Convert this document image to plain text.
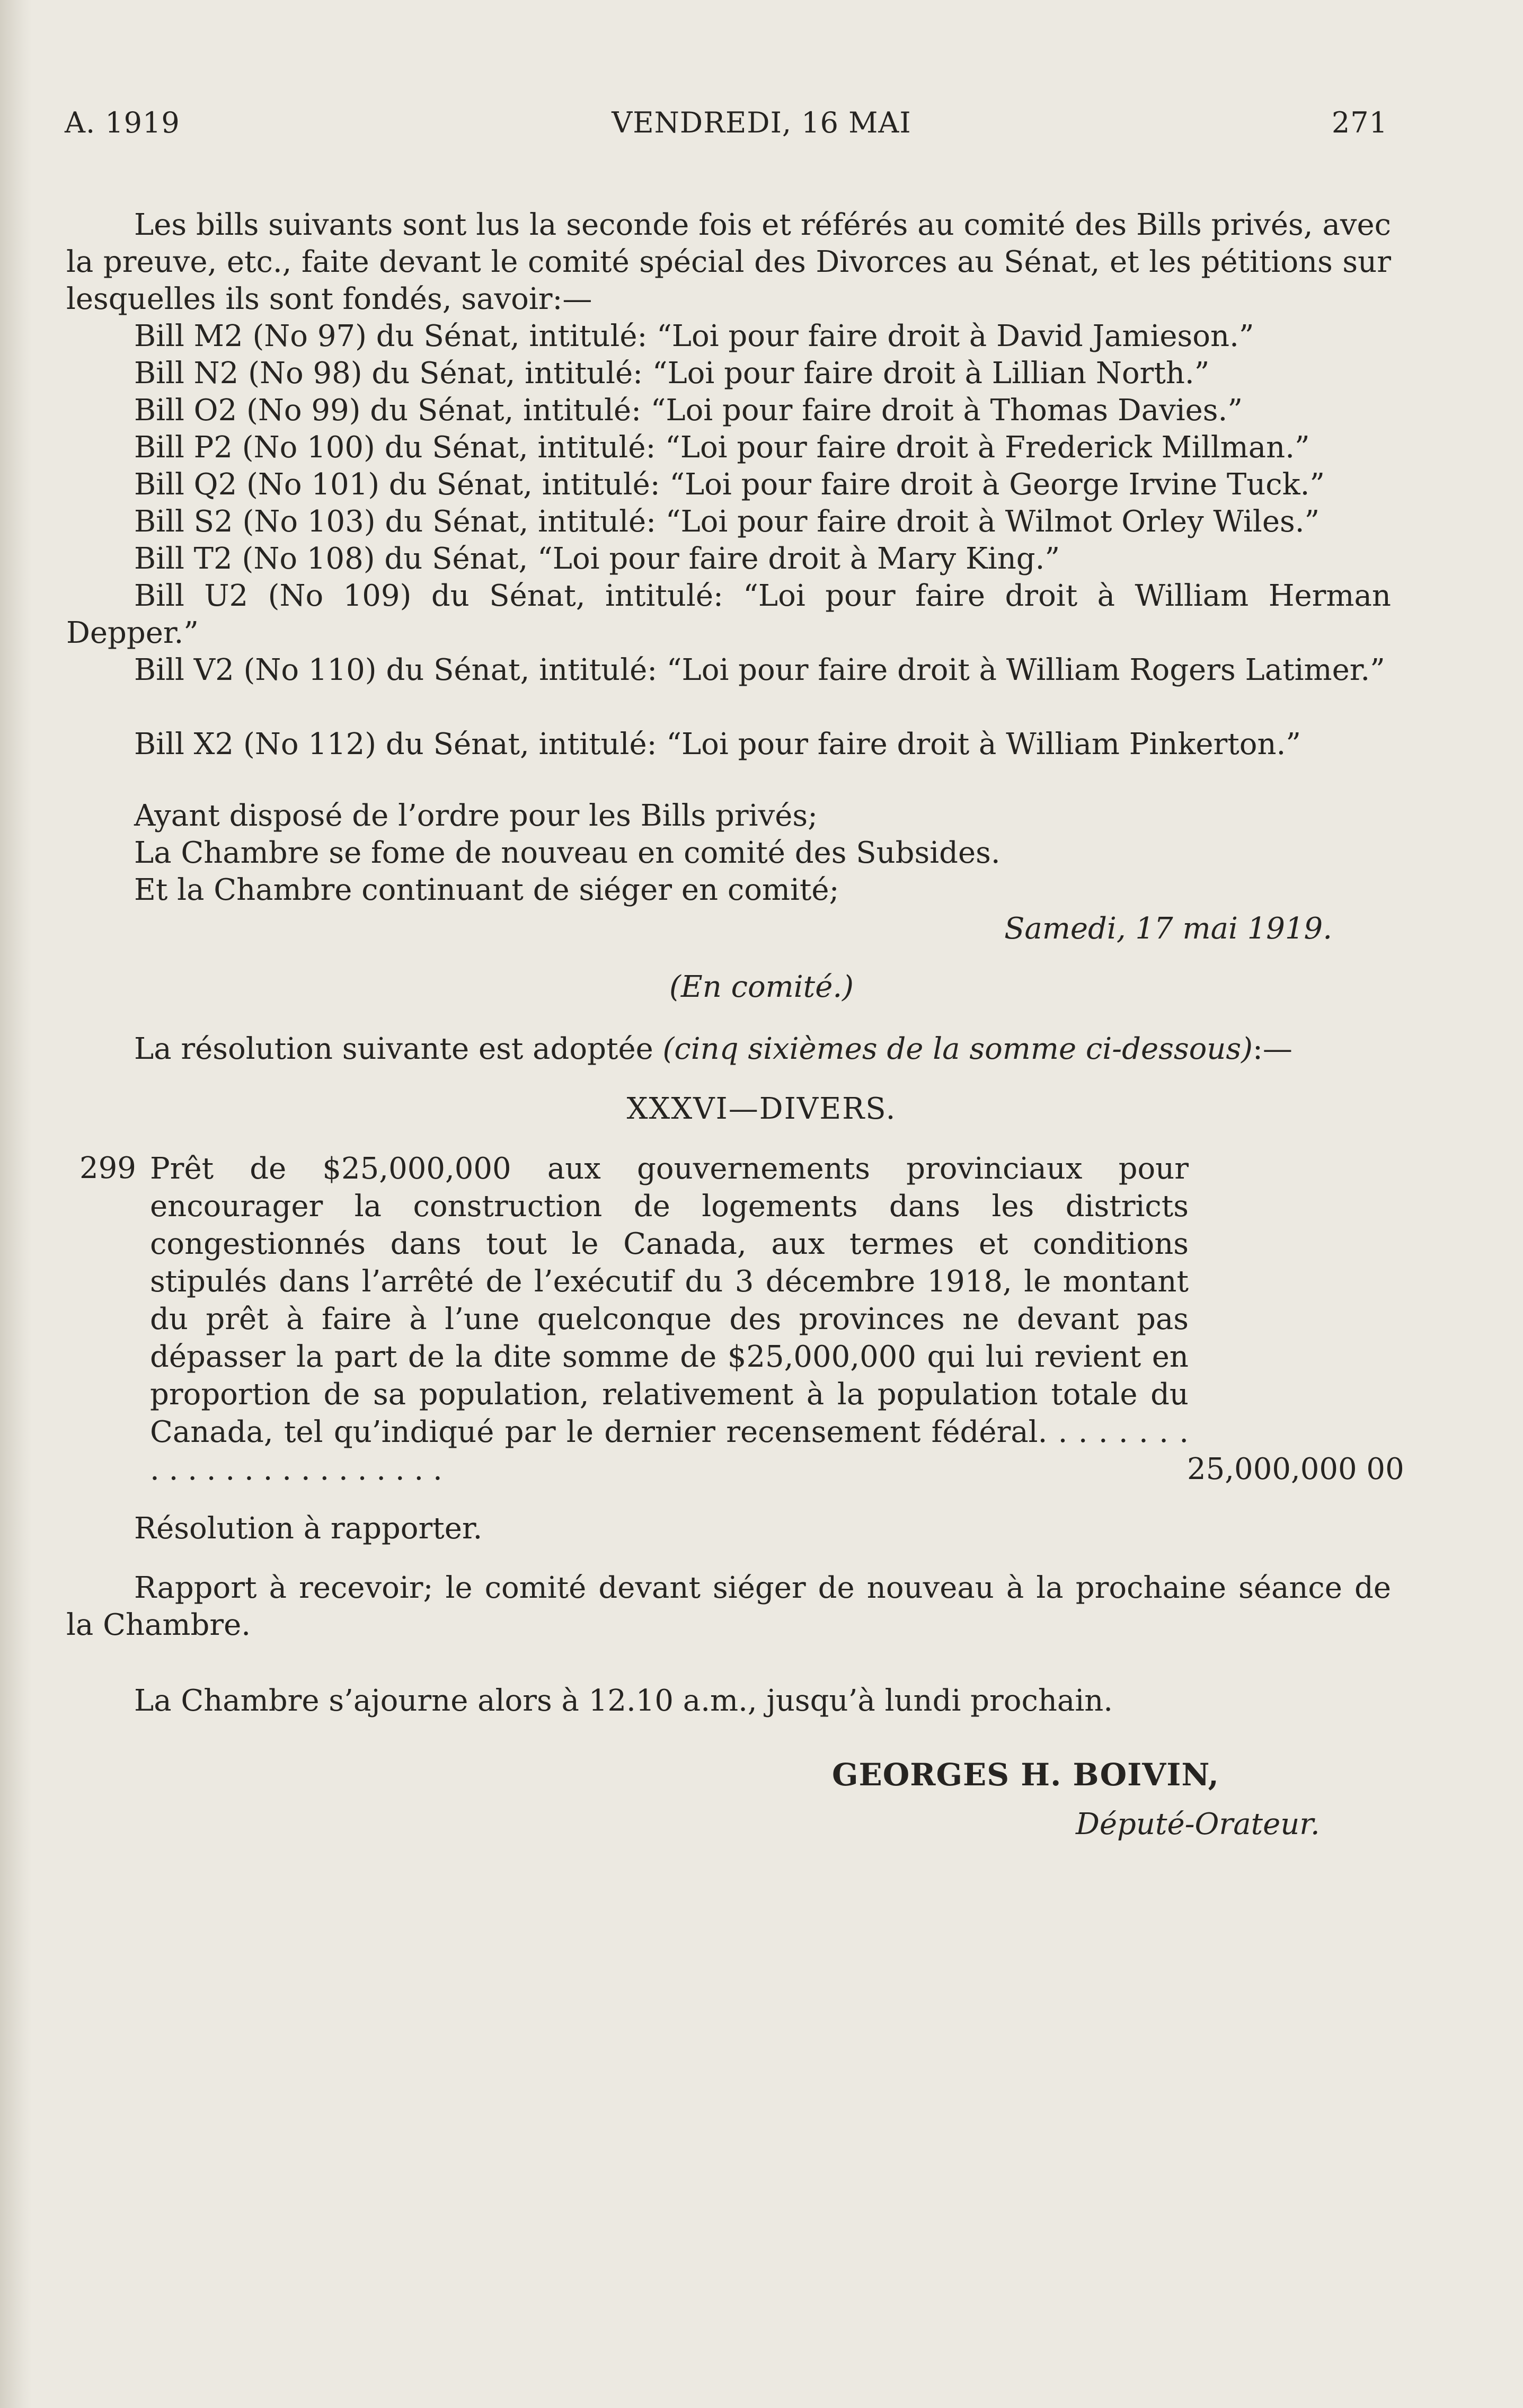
A. 1919	VENDREDI, 16 MAI	271

Les bills suivants sont lus la seconde fois et référés au comité des Bills privés, avec la preuve, etc., faite devant le comité spécial des Divorces au Sénat, et les pétitions sur lesquelles ils sont fondés, savoir:—

Bill M2 (No 97) du Sénat, intitulé: “Loi pour faire droit à David Jamieson.”
Bill N2 (No 98) du Sénat, intitulé: “Loi pour faire droit à Lillian North.”
Bill O2 (No 99) du Sénat, intitulé: “Loi pour faire droit à Thomas Davies.”
Bill P2 (No 100) du Sénat, intitulé: “Loi pour faire droit à Frederick Millman.”
Bill Q2 (No 101) du Sénat, intitulé: “Loi pour faire droit à George Irvine Tuck.”
Bill S2 (No 103) du Sénat, intitulé: “Loi pour faire droit à Wilmot Orley Wiles.”
Bill T2 (No 108) du Sénat, “Loi pour faire droit à Mary King.”

Bill U2 (No 109) du Sénat, intitulé: “Loi pour faire droit à William Herman Depper.”

Bill V2 (No 110) du Sénat, intitulé: “Loi pour faire droit à William Rogers Latimer.”

Bill X2 (No 112) du Sénat, intitulé: “Loi pour faire droit à William Pinkerton.”
Ayant disposé de l’ordre pour les Bills privés;
La Chambre se fome de nouveau en comité des Subsides.
Et la Chambre continuant de siéger en comité;
Samedi, 17 mai 1919.
(En comité.)
La résolution suivante est adoptée (cinq sixièmes de la somme ci-dessous):—
XXXVI—DIVERS.
299 Prêt de $25,000,000 aux gouvernements provinciaux pour encourager la construction de logements dans les districts congestionnés dans tout le Canada, aux termes et conditions stipulés dans l’arrêté de l’exécutif du 3 décembre 1918, le montant du prêt à faire à l’une quelconque des provinces ne devant pas dépasser la part de la dite somme de $25,000,000 qui lui revient en proportion de sa population, relativement à la population totale du Canada, tel qu’indiqué par le dernier recensement fédéral. . . . . . . . . . . . . . . . . . . . . . . .	25,000,000 00
Résolution à rapporter.

Rapport à recevoir; le comité devant siéger de nouveau à la prochaine séance de la Chambre.

La Chambre s’ajourne alors à 12.10 a.m., jusqu’à lundi prochain.
GEORGES H. BOIVIN,
Député-Orateur.
